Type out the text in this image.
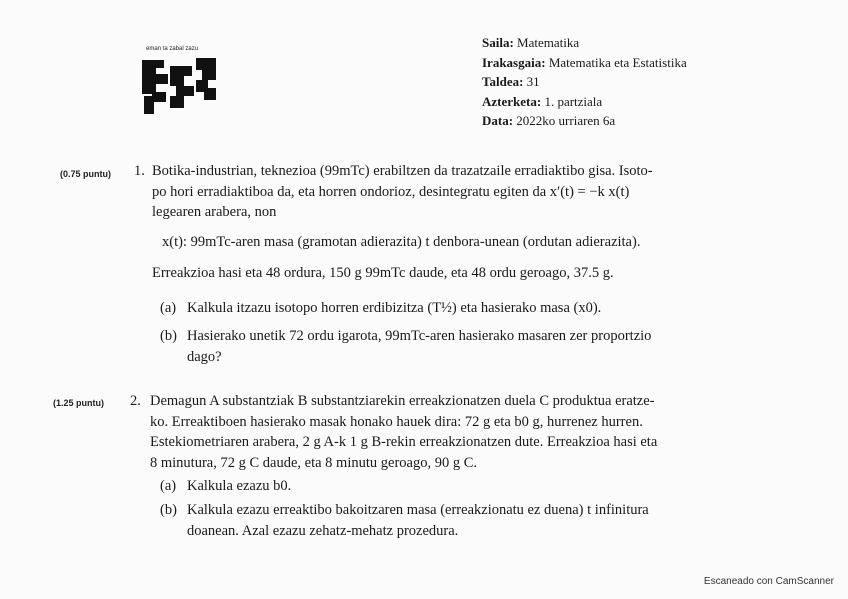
eman ta zabal zazu	Saila: Matematika
Irakasgaia: Matematika eta Estatistika
Taldea: 31
Azterketa: 1. partziala
Data: 2022ko urriaren 6a
(0.75 puntu) 1. Botika-industrian, teknezioa (99mTc) erabiltzen da trazatzaile erradiaktibo gisa. Isoto-
po hori erradiaktiboa da, eta horren ondorioz, desintegratu egiten da x′(t) = −k x(t)
legearen arabera, non
x(t): 99mTc-aren masa (gramotan adierazita) t denbora-unean (ordutan adierazita).
Erreakzioa hasi eta 48 ordura, 150 g 99mTc daude, eta 48 ordu geroago, 37.5 g.
(a) Kalkula itzazu isotopo horren erdibizitza (T½) eta hasierako masa (x0).
(b) Hasierako unetik 72 ordu igarota, 99mTc-aren hasierako masaren zer proportzio
dago?
(1.25 puntu) 2. Demagun A substantziak B substantziarekin erreakzionatzen duela C produktua eratze-
ko. Erreaktiboen hasierako masak honako hauek dira: 72 g eta b0 g, hurrenez hurren.
Estekiometriaren arabera, 2 g A-k 1 g B-rekin erreakzionatzen dute. Erreakzioa hasi eta
8 minutura, 72 g C daude, eta 8 minutu geroago, 90 g C.
(a) Kalkula ezazu b0.
(b) Kalkula ezazu erreaktibo bakoitzaren masa (erreakzionatu ez duena) t infinitura
doanean. Azal ezazu zehatz-mehatz prozedura.
Escaneado con CamScanner
